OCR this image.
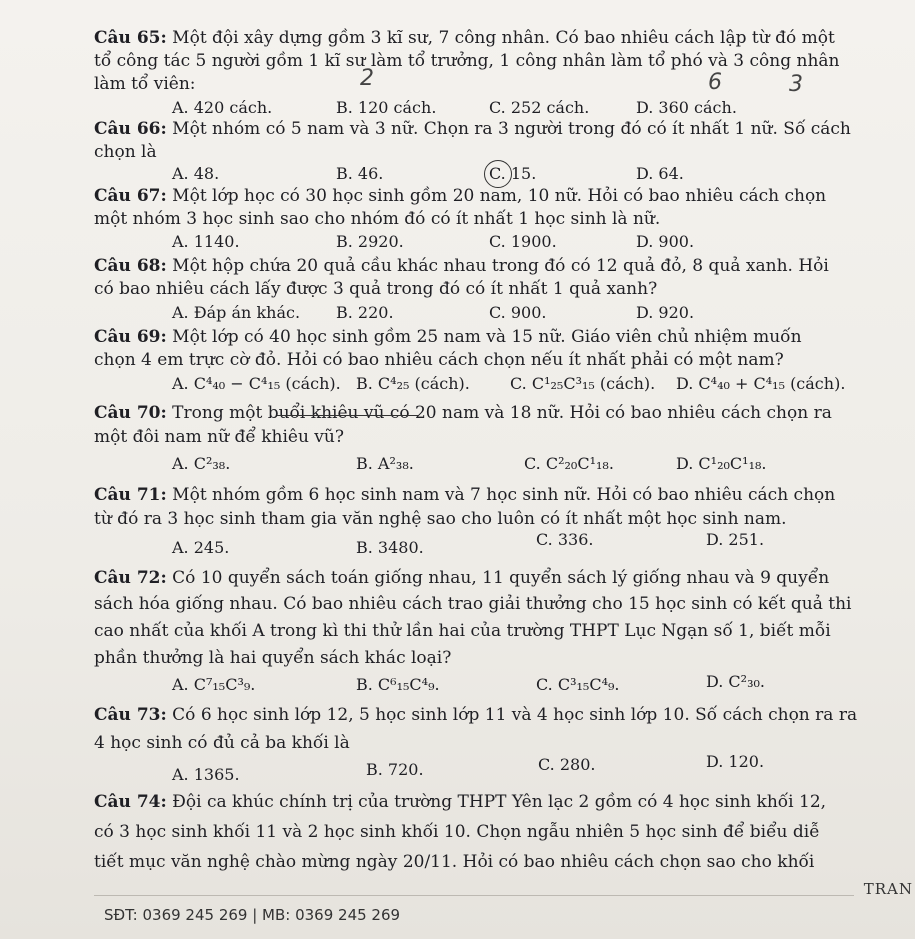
Câu 65: Một đội xây dựng gồm 3 kĩ sư, 7 công nhân. Có bao nhiêu cách lập từ đó một
tổ công tác 5 người gồm 1 kĩ sư làm tổ trưởng, 1 công nhân làm tổ phó và 3 công nhân
làm tổ viên:	2	6	3
A. 420 cách.	B. 120 cách.	C. 252 cách.	D. 360 cách.
Câu 66: Một nhóm có 5 nam và 3 nữ. Chọn ra 3 người trong đó có ít nhất 1 nữ. Số cách
chọn là
A. 48.	B. 46.	C. 15.	D. 64.
Câu 67: Một lớp học có 30 học sinh gồm 20 nam, 10 nữ. Hỏi có bao nhiêu cách chọn
một nhóm 3 học sinh sao cho nhóm đó có ít nhất 1 học sinh là nữ.
A. 1140.	B. 2920.	C. 1900.	D. 900.
Câu 68: Một hộp chứa 20 quả cầu khác nhau trong đó có 12 quả đỏ, 8 quả xanh. Hỏi
có bao nhiêu cách lấy được 3 quả trong đó có ít nhất 1 quả xanh?
A. Đáp án khác. B. 220.	C. 900.	D. 920.
Câu 69: Một lớp có 40 học sinh gồm 25 nam và 15 nữ. Giáo viên chủ nhiệm muốn
chọn 4 em trực cờ đỏ. Hỏi có bao nhiêu cách chọn nếu ít nhất phải có một nam?
A. C⁴₄₀ − C⁴₁₅ (cách). B. C⁴₂₅ (cách).	C. C¹₂₅C³₁₅ (cách). D. C⁴₄₀ + C⁴₁₅ (cách).
Câu 70: Trong một buổi khiêu vũ có 20 nam và 18 nữ. Hỏi có bao nhiêu cách chọn ra
một đôi nam nữ để khiêu vũ?
A. C²₃₈.	B. A²₃₈.	C. C²₂₀C¹₁₈.	D. C¹₂₀C¹₁₈.
Câu 71: Một nhóm gồm 6 học sinh nam và 7 học sinh nữ. Hỏi có bao nhiêu cách chọn
từ đó ra 3 học sinh tham gia văn nghệ sao cho luôn có ít nhất một học sinh nam.
A. 245.	B. 3480.	C. 336.	D. 251.
Câu 72: Có 10 quyển sách toán giống nhau, 11 quyển sách lý giống nhau và 9 quyển
sách hóa giống nhau. Có bao nhiêu cách trao giải thưởng cho 15 học sinh có kết quả thi
cao nhất của khối A trong kì thi thử lần hai của trường THPT Lục Ngạn số 1, biết mỗi
phần thưởng là hai quyển sách khác loại?
A. C⁷₁₅C³₉.	B. C⁶₁₅C⁴₉.	C. C³₁₅C⁴₉.	D. C²₃₀.
Câu 73: Có 6 học sinh lớp 12, 5 học sinh lớp 11 và 4 học sinh lớp 10. Số cách chọn ra ra
4 học sinh có đủ cả ba khối là
A. 1365.	B. 720.	C. 280.	D. 120.
Câu 74: Đội ca khúc chính trị của trường THPT Yên lạc 2 gồm có 4 học sinh khối 12,
có 3 học sinh khối 11 và 2 học sinh khối 10. Chọn ngẫu nhiên 5 học sinh để biểu diễ
tiết mục văn nghệ chào mừng ngày 20/11. Hỏi có bao nhiêu cách chọn sao cho khối
TRAN
SĐT: 0369 245 269 | MB: 0369 245 269
